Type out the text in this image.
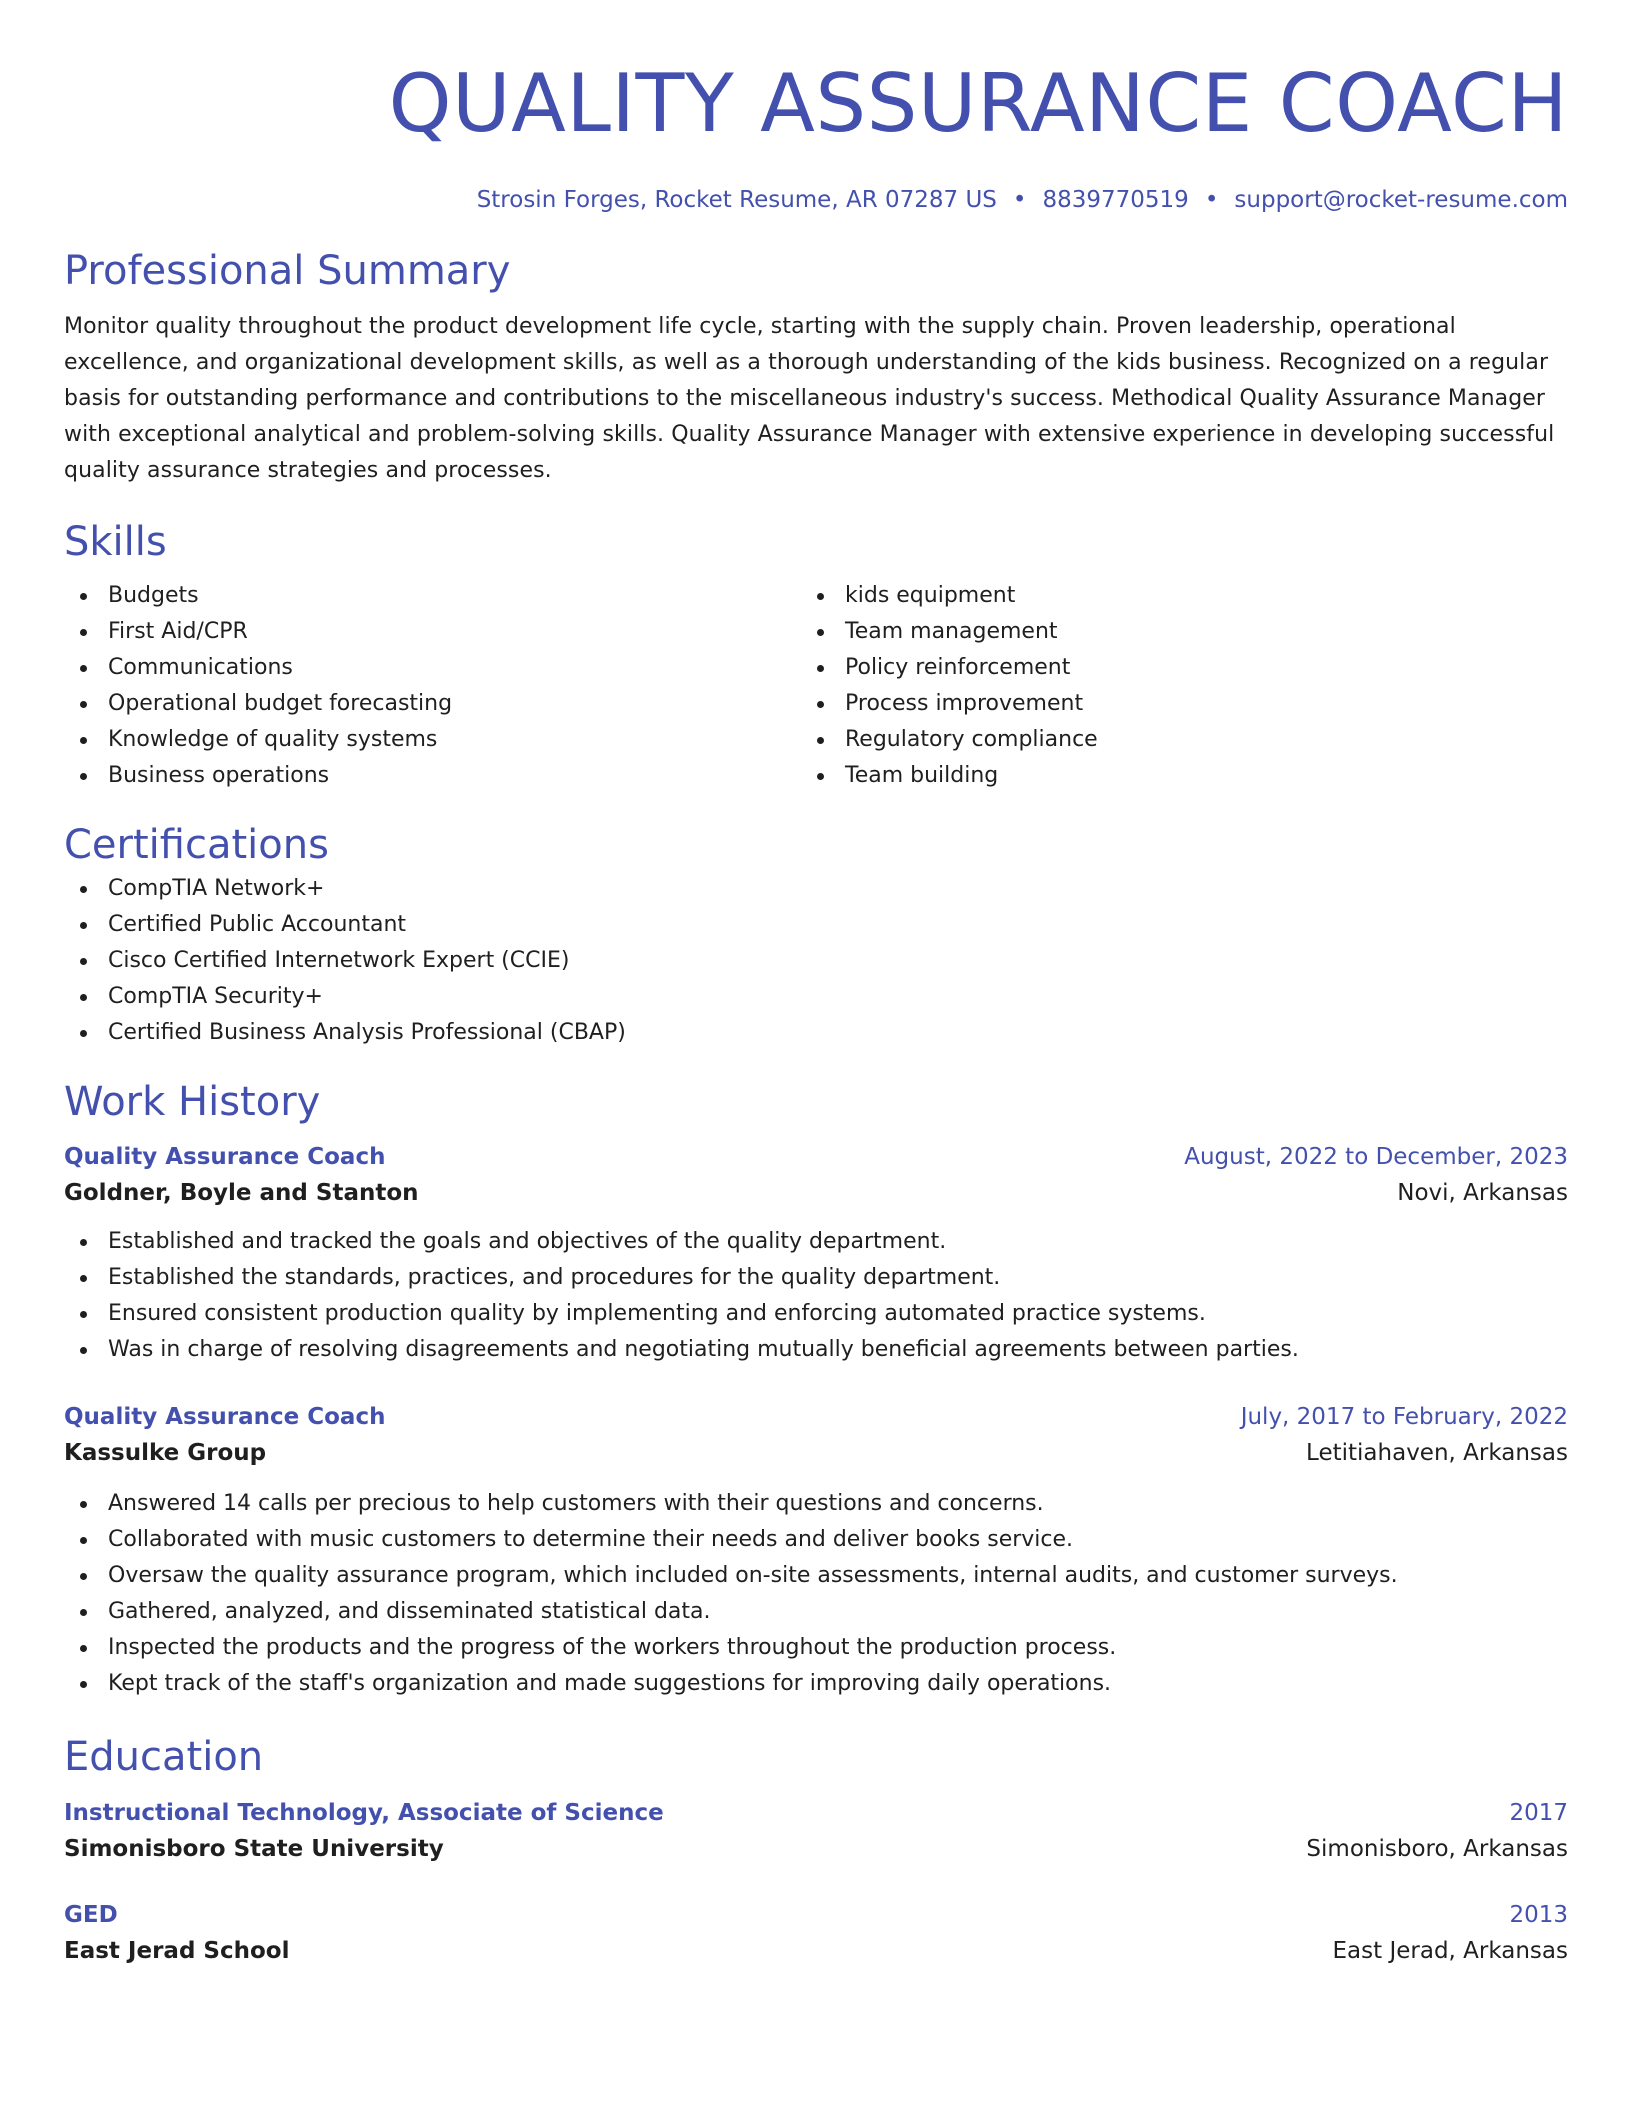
QUALITY ASSURANCE COACH
Strosin Forges, Rocket Resume, AR 07287 US • 8839770519 • support@rocket-resume.com
Professional Summary
Monitor quality throughout the product development life cycle, starting with the supply chain. Proven leadership, operational excellence, and organizational development skills, as well as a thorough understanding of the kids business. Recognized on a regular basis for outstanding performance and contributions to the miscellaneous industry's success. Methodical Quality Assurance Manager with exceptional analytical and problem-solving skills. Quality Assurance Manager with extensive experience in developing successful quality assurance strategies and processes.
Skills
Budgets
First Aid/CPR
Communications
Operational budget forecasting
Knowledge of quality systems
Business operations
kids equipment
Team management
Policy reinforcement
Process improvement
Regulatory compliance
Team building
Certifications
CompTIA Network+
Certified Public Accountant
Cisco Certified Internetwork Expert (CCIE)
CompTIA Security+
Certified Business Analysis Professional (CBAP)
Work History
Quality Assurance Coach	August, 2022 to December, 2023
Goldner, Boyle and Stanton	Novi, Arkansas
Established and tracked the goals and objectives of the quality department.
Established the standards, practices, and procedures for the quality department.
Ensured consistent production quality by implementing and enforcing automated practice systems.
Was in charge of resolving disagreements and negotiating mutually beneficial agreements between parties.
Quality Assurance Coach	July, 2017 to February, 2022
Kassulke Group	Letitiahaven, Arkansas
Answered 14 calls per precious to help customers with their questions and concerns.
Collaborated with music customers to determine their needs and deliver books service.
Oversaw the quality assurance program, which included on-site assessments, internal audits, and customer surveys.
Gathered, analyzed, and disseminated statistical data.
Inspected the products and the progress of the workers throughout the production process.
Kept track of the staff's organization and made suggestions for improving daily operations.
Education
Instructional Technology, Associate of Science	2017
Simonisboro State University	Simonisboro, Arkansas
GED	2013
East Jerad School	East Jerad, Arkansas
